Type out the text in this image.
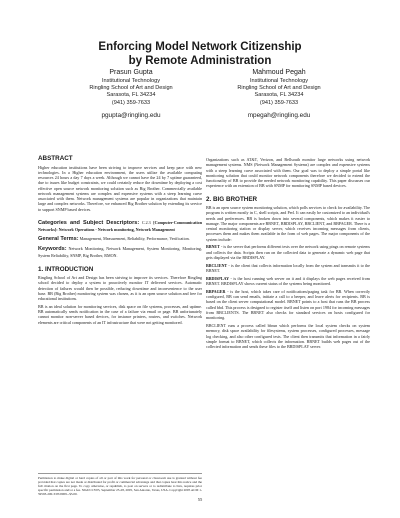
Enforcing Model Network Citizenship
by Remote Administration
Prasun Gupta
Institutional Technology
Ringling School of Art and Design
Sarasota, FL 34234
(941) 359-7633
pgupta@ringling.edu
Mahmoud Pegah
Institutional Technology
Ringling School of Art and Design
Sarasota, FL 34234
(941) 359-7633
mpegah@ringling.edu
ABSTRACT
Higher education institutions have been striving to improve services and keep pace with new technologies. In a Higher education environment, the users utilize the available computing resources 24 hours a day 7 days a week. Although we cannot have the 24 by 7 uptime guaranteed, due to issues like budget constraints, we could certainly reduce the downtime by deploying a cost effective open source network monitoring solution such as Big Brother. Commercially available network management systems are complex and expensive systems with a steep learning curve associated with them. Network management systems are popular in organizations that maintain large and complex networks. Therefore, we enhanced Big Brother solution by extending its service to support SNMP based devices.
Categories and Subject Descriptors: C.2.3 [Computer-Communication Networks]: Network Operations - Network monitoring, Network Management
General Terms: Management, Measurement, Reliability, Performance, Verification.
Keywords: Network Monitoring, Network Management, System Monitoring, Monitoring, System Reliability, SNMP, Big Brother, RMON.
1. INTRODUCTION
Ringling School of Art and Design has been striving to improve its services. Therefore Ringling school decided to deploy a system to proactively monitor IT delivered services. Automatic detection of failures would then be possible, reducing downtime and inconvenience to the user base. BB (Big Brother) monitoring system was chosen, as it is an open source solution and free for educational institutions.
BB is an ideal solution for monitoring services, disk space on file systems, processes, and uptime. BB automatically sends notification in the case of a failure via email or page. BB unfortunately cannot monitor non-server based devices, for instance printers, routers, and switches. Network elements are critical components of an IT infrastructure that were not getting monitored.
Permission to make digital or hard copies of all or part of this work for personal or classroom use is granted without fee provided that copies are not made or distributed for profit or commercial advantage and that copies bear this notice and the full citation on the first page. To copy otherwise, or republish, to post on servers or to redistribute to lists, requires prior specific permission and/or a fee. SIGUCCS'05, September 25-28, 2005, San Antonio, Texas, USA. Copyright 2005 ACM 1-59593-200-3/05/0009...$5.00.
Organizations such as AT&T, Verizon, and Bellsouth monitor large networks using network management systems. NMS (Network Management Systems) are complex and expensive systems with a steep learning curve associated with them. Our goal was to deploy a simple portal like monitoring solution that could monitor network components therefore we decided to extend the functionality of BB to provide the needed network monitoring capability. This paper discusses our experience with an extension of BB with SNMP for monitoring SNMP based devices.
2. BIG BROTHER
BB is an open source system monitoring solution, which polls services to check for availability. The program is written mostly in C, shell scripts, and Perl. It can easily be customized to an individual's needs and preferences. BB is broken down into several components, which makes it easier to manage. The major components are BBNET, BBDISPLAY, BBCLIENT, and BBPAGER. There is a central monitoring station or display server, which receives incoming messages from clients, processes them and makes them available in the form of web pages. The major components of the system include:
BBNET - is the server that performs different tests over the network using pings on remote systems and collects the data. Scripts then run on the collected data to generate a dynamic web page that gets displayed via the BBDISPLAY.
BBCLIENT - is the client that collects information locally from the system and transmits it to the BBNET.
BBDISPLAY - is the host running web server on it and it displays the web pages received from BBNET. BBDISPLAY shows current status of the systems being monitored.
BBPAGER - is the host, which takes care of notifications/paging task for BB. When correctly configured, BB can send emails, initiate a call to a beeper, and leave alerts for recipients. BB is based on the client server computational model. BBNET points to a host that runs the BB process called bbd. This process is designed to register itself and listen on port 1984 for incoming messages from BBCLIENTS. The BBNET also checks for standard services on hosts configured for monitoring.
BBCLIENT runs a process called bbrun which performs the local system checks on system memory, disk space availability for filesystems, system processes, configured processes, message log checking, and also other configured tests. The client then transmits that information in a fairly simple format to BBNET, which collects the information. BBNET builds web pages out of the collected information and sends these files to the BBDISPLAY server.
55
